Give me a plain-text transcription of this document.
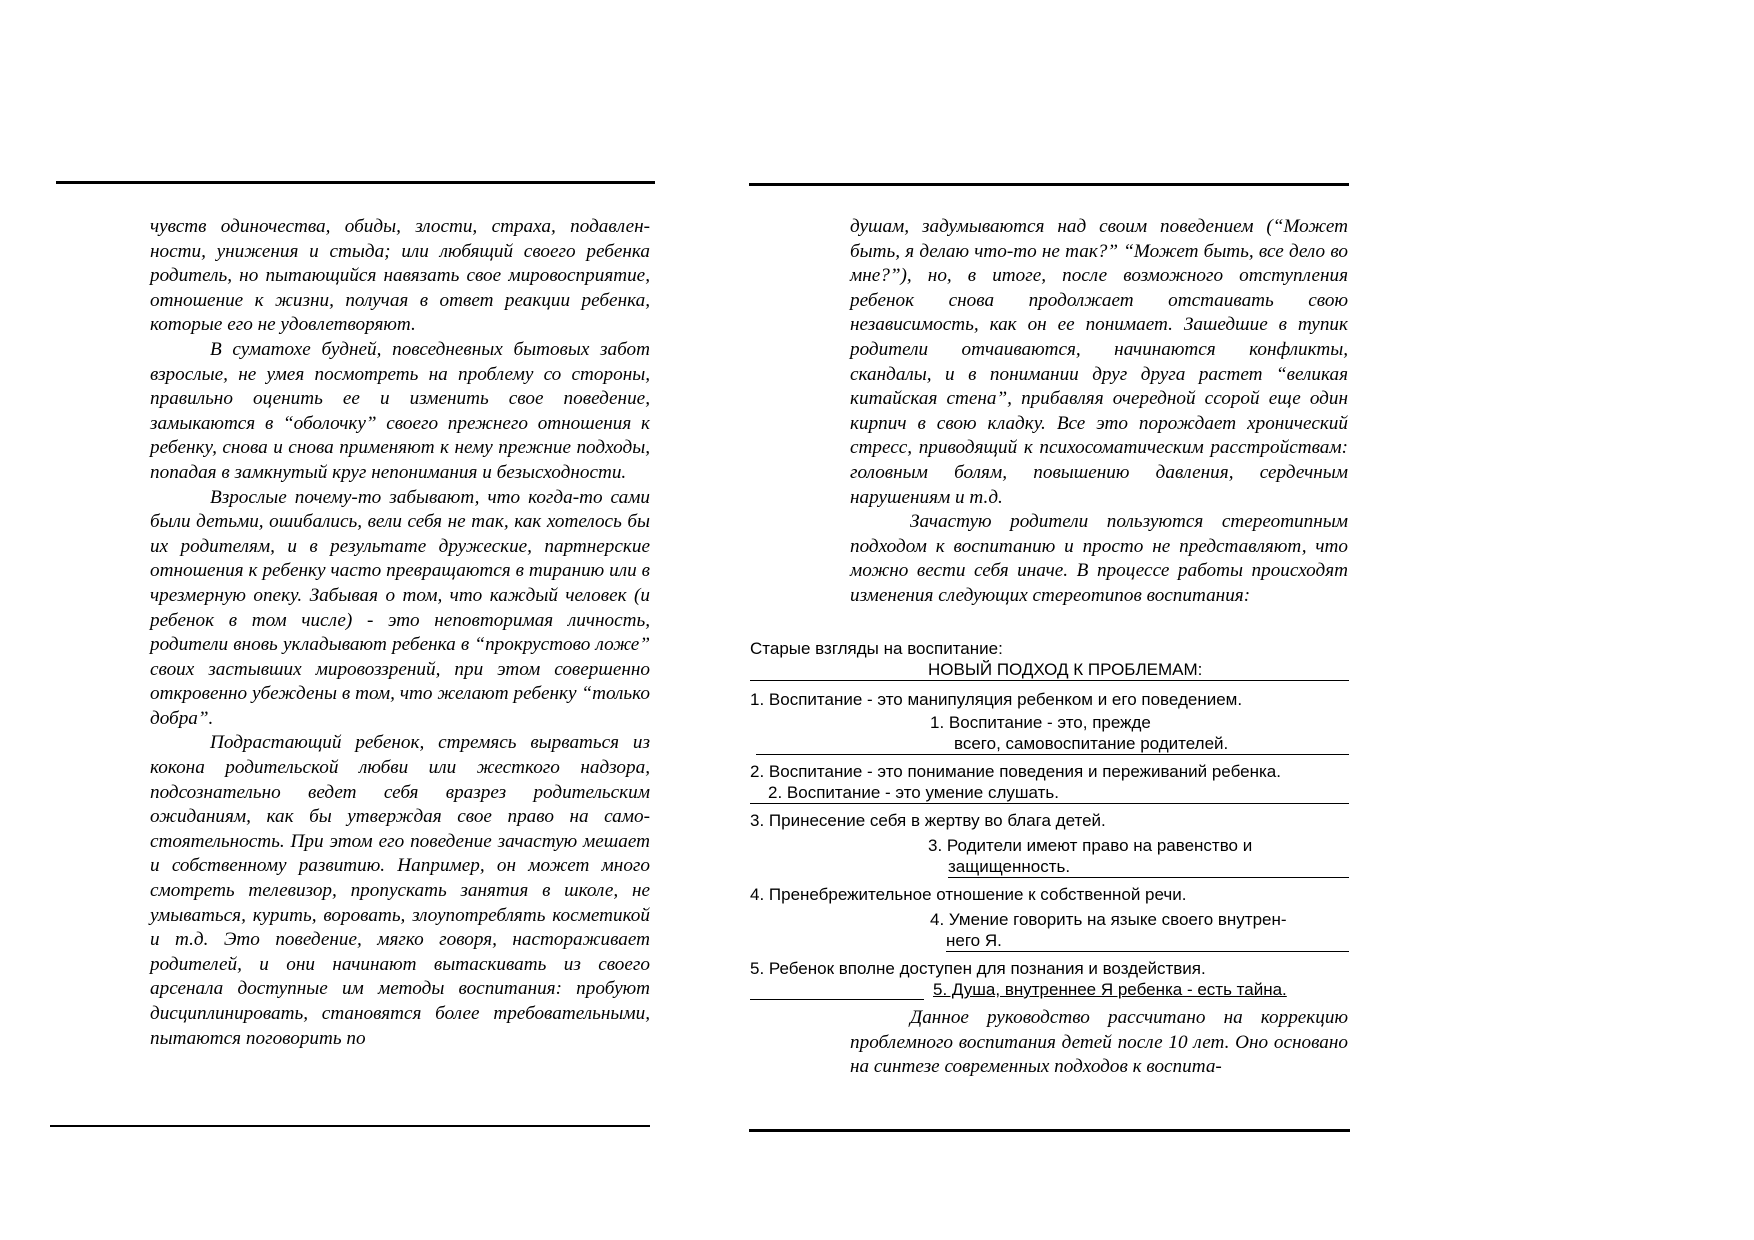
чувств одиночества, обиды, злости, страха, подавленности, унижения и стыда; или любящий своего ребенка родитель, но пытающийся навязать свое мировосприятие, отношение к жизни, получая в ответ реакции ребенка, которые его не удовлетворяют.

В суматохе будней, повседневных бытовых забот взрослые, не умея посмотреть на проблему со стороны, правильно оценить ее и изменить свое поведение, замыкаются в “оболочку” своего прежнего отношения к ребенку, снова и снова применяют к нему прежние подходы, попадая в замкнутый круг непонимания и безысходности.

Взрослые почему-то забывают, что когда-то сами были детьми, ошибались, вели себя не так, как хотелось бы их родителям, и в результате дружеские, партнерские отношения к ребенку часто превращаются в тиранию или в чрезмерную опеку. Забывая о том, что каждый человек (и ребенок в том числе) - это неповторимая личность, родители вновь укладывают ребенка в “прокрустово ложе” своих застывших мировоззрений, при этом совершенно откровенно убеждены в том, что желают ребенку “только добра”.

Подрастающий ребенок, стремясь вырваться из кокона родительской любви или жесткого надзора, подсознательно ведет себя вразрез родительским ожиданиям, как бы утверждая свое право на самостоятельность. При этом его поведение зачастую мешает и собственному развитию. Например, он может много смотреть телевизор, пропускать занятия в школе, не умываться, курить, воровать, злоупотреблять косметикой и т.д. Это поведение, мягко говоря, настораживает родителей, и они начинают вытаскивать из своего арсенала доступные им методы воспитания: пробуют дисциплинировать, становятся более требовательными, пытаются поговорить по

душам, задумываются над своим поведением (“Может быть, я делаю что-то не так?” “Может быть, все дело во мне?”), но, в итоге, после возможного отступления ребенок снова продолжает отстаивать свою независимость, как он ее понимает. Зашедшие в тупик родители отчаиваются, начинаются конфликты, скандалы, и в понимании друг друга растет “великая китайская стена”, прибавляя очередной ссорой еще один кирпич в свою кладку. Все это порождает хронический стресс, приводящий к психосоматическим расстройствам: головным болям, повышению давления, сердечным нарушениям и т.д.

Зачастую родители пользуются стереотипным подходом к воспитанию и просто не представляют, что можно вести себя иначе. В процессе работы происходят изменения следующих стереотипов воспитания:

Старые взгляды на воспитание:
НОВЫЙ ПОДХОД К ПРОБЛЕМАМ:
1. Воспитание - это манипуляция ребенком и его поведением.
1. Воспитание - это, прежде
всего, самовоспитание родителей.
2. Воспитание - это понимание поведения и переживаний ребенка.
2. Воспитание - это умение слушать.
3. Принесение себя в жертву во блага детей.
3. Родители имеют право на равенство и
защищенность.
4. Пренебрежительное отношение к собственной речи.
4. Умение говорить на языке своего внутрен-
него Я.
5. Ребенок вполне доступен для познания и воздействия.
5. Душа, внутреннее Я ребенка - есть тайна.

Данное руководство рассчитано на коррекцию проблемного воспитания детей после 10 лет. Оно основано на синтезе современных подходов к воспита-
